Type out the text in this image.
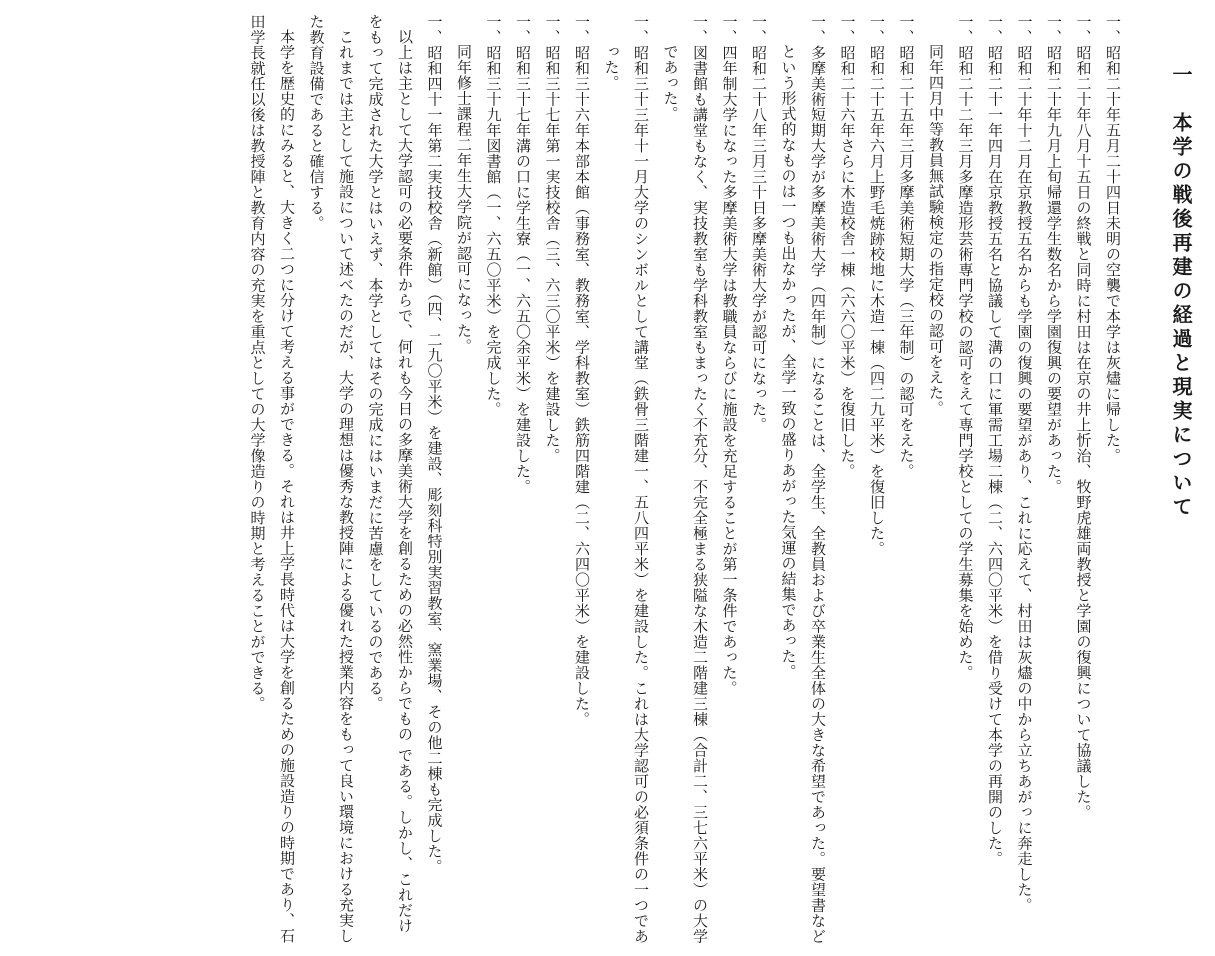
一　本学の戦後再建の経過と現実について

一、昭和二十年五月二十四日未明の空襲で本学は灰燼に帰した。

一、昭和二十年八月十五日の終戦と同時に村田は在京の井上忻治、牧野虎雄両教授と学園の復興について協議した。

一、昭和二十年九月上旬帰還学生数名から学園復興の要望があった。

一、昭和二十年十二月在京教授五名からも学園の復興の要望があり、これに応えて、村田は灰燼の中から立ちあがっに奔走した。

一、昭和二十一年四月在京教授五名と協議して溝の口に軍需工場二棟（二、六四〇平米）を借り受けて本学の再開のした。

一、昭和二十二年三月多摩造形芸術専門学校の認可をえて専門学校としての学生募集を始めた。

同年四月中等教員無試験検定の指定校の認可をえた。

一、昭和二十五年三月多摩美術短期大学（三年制）の認可をえた。

一、昭和二十五年六月上野毛焼跡校地に木造一棟（四二九平米）を復旧した。

一、昭和二十六年さらに木造校舎一棟（六六〇平米）を復旧した。

一、多摩美術短期大学が多摩美術大学（四年制）になることは、全学生、全教員および卒業生全体の大きな希望であった。要望書などという形式的なものは一つも出なかったが、全学一致の盛りあがった気運の結集であった。

一、昭和二十八年三月三十日多摩美術大学が認可になった。

一、四年制大学になった多摩美術大学は教職員ならびに施設を充足することが第一条件であった。

一、図書館も講堂もなく、実技教室も学科教室もまったく不充分、不完全極まる狭隘な木造二階建三棟（合計二、三七六平米）の大学であった。

一、昭和三十三年十一月大学のシンボルとして講堂（鉄骨三階建一、五八四平米）を建設した。これは大学認可の必須条件の一つであった。

一、昭和三十六年本部本館（事務室、教務室、学科教室）鉄筋四階建（二、六四〇平米）を建設した。

一、昭和三十七年第一実技校舎（三、六三〇平米）を建設した。

一、昭和三十七年溝の口に学生寮（一、六五〇余平米）を建設した。

一、昭和三十九年図書館（一、六五〇平米）を完成した。

同年修士課程二年生大学院が認可になった。

一、昭和四十一年第二実技校舎（新館）（四、二九〇平米）を建設、彫刻科特別実習教室、窯業場、その他二棟も完成した。

以上は主として大学認可の必要条件からで、何れも今日の多摩美術大学を創るための必然性からでもの である。しかし、これだけをもって完成された大学とはいえず、本学としてはその完成にはいまだに苦慮をしているのである。

これまでは主として施設について述べたのだが、大学の理想は優秀な教授陣による優れた授業内容をもって良い環境における充実した教育設備であると確信する。

本学を歴史的にみると、大きく二つに分けて考える事ができる。それは井上学長時代は大学を創るための施設造りの時期であり、石田学長就任以後は教授陣と教育内容の充実を重点としての大学像造りの時期と考えることができる。
